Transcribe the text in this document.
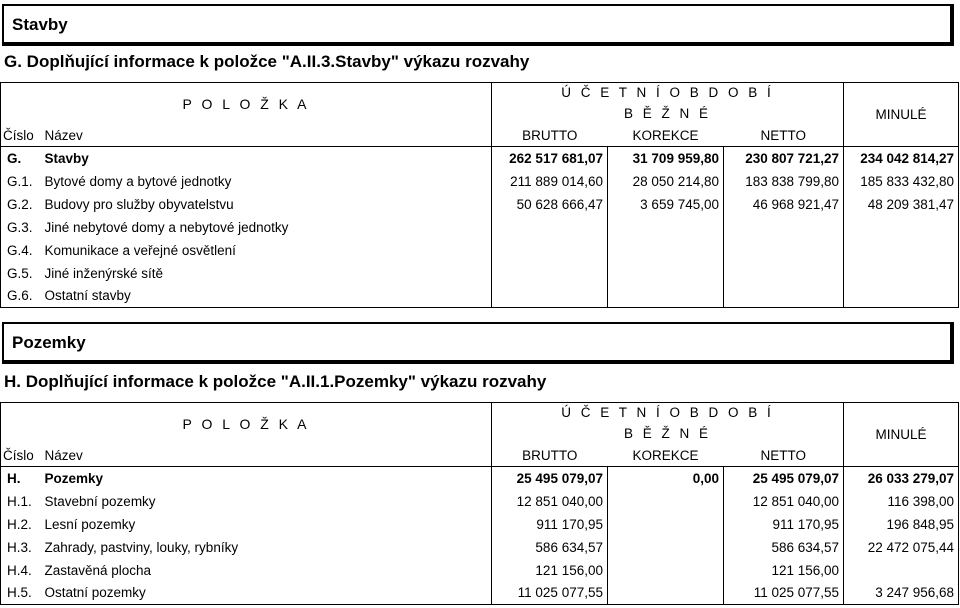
Stavby
G. Doplňující informace k položce "A.II.3.Stavby" výkazu rozvahy
P O L O Ž K A		Ú Č E T N Í O B D O B Í			MINULÉ
		B Ě Ž N É			
Číslo	Název	BRUTTO	KOREKCE	NETTO	
G.	Stavby	262 517 681,07	31 709 959,80	230 807 721,27	234 042 814,27
G.1.	Bytové domy a bytové jednotky	211 889 014,60	28 050 214,80	183 838 799,80	185 833 432,80
G.2.	Budovy pro služby obyvatelstvu	50 628 666,47	3 659 745,00	46 968 921,47	48 209 381,47
G.3.	Jiné nebytové domy a nebytové jednotky				
G.4.	Komunikace a veřejné osvětlení				
G.5.	Jiné inženýrské sítě				
G.6.	Ostatní stavby				
Pozemky
H. Doplňující informace k položce "A.II.1.Pozemky" výkazu rozvahy
P O L O Ž K A		Ú Č E T N Í O B D O B Í			MINULÉ
		B Ě Ž N É			
Číslo	Název	BRUTTO	KOREKCE	NETTO	
H.	Pozemky	25 495 079,07	0,00	25 495 079,07	26 033 279,07
H.1.	Stavební pozemky	12 851 040,00		12 851 040,00	116 398,00
H.2.	Lesní pozemky	911 170,95		911 170,95	196 848,95
H.3.	Zahrady, pastviny, louky, rybníky	586 634,57		586 634,57	22 472 075,44
H.4.	Zastavěná plocha	121 156,00		121 156,00	
H.5.	Ostatní pozemky	11 025 077,55		11 025 077,55	3 247 956,68
